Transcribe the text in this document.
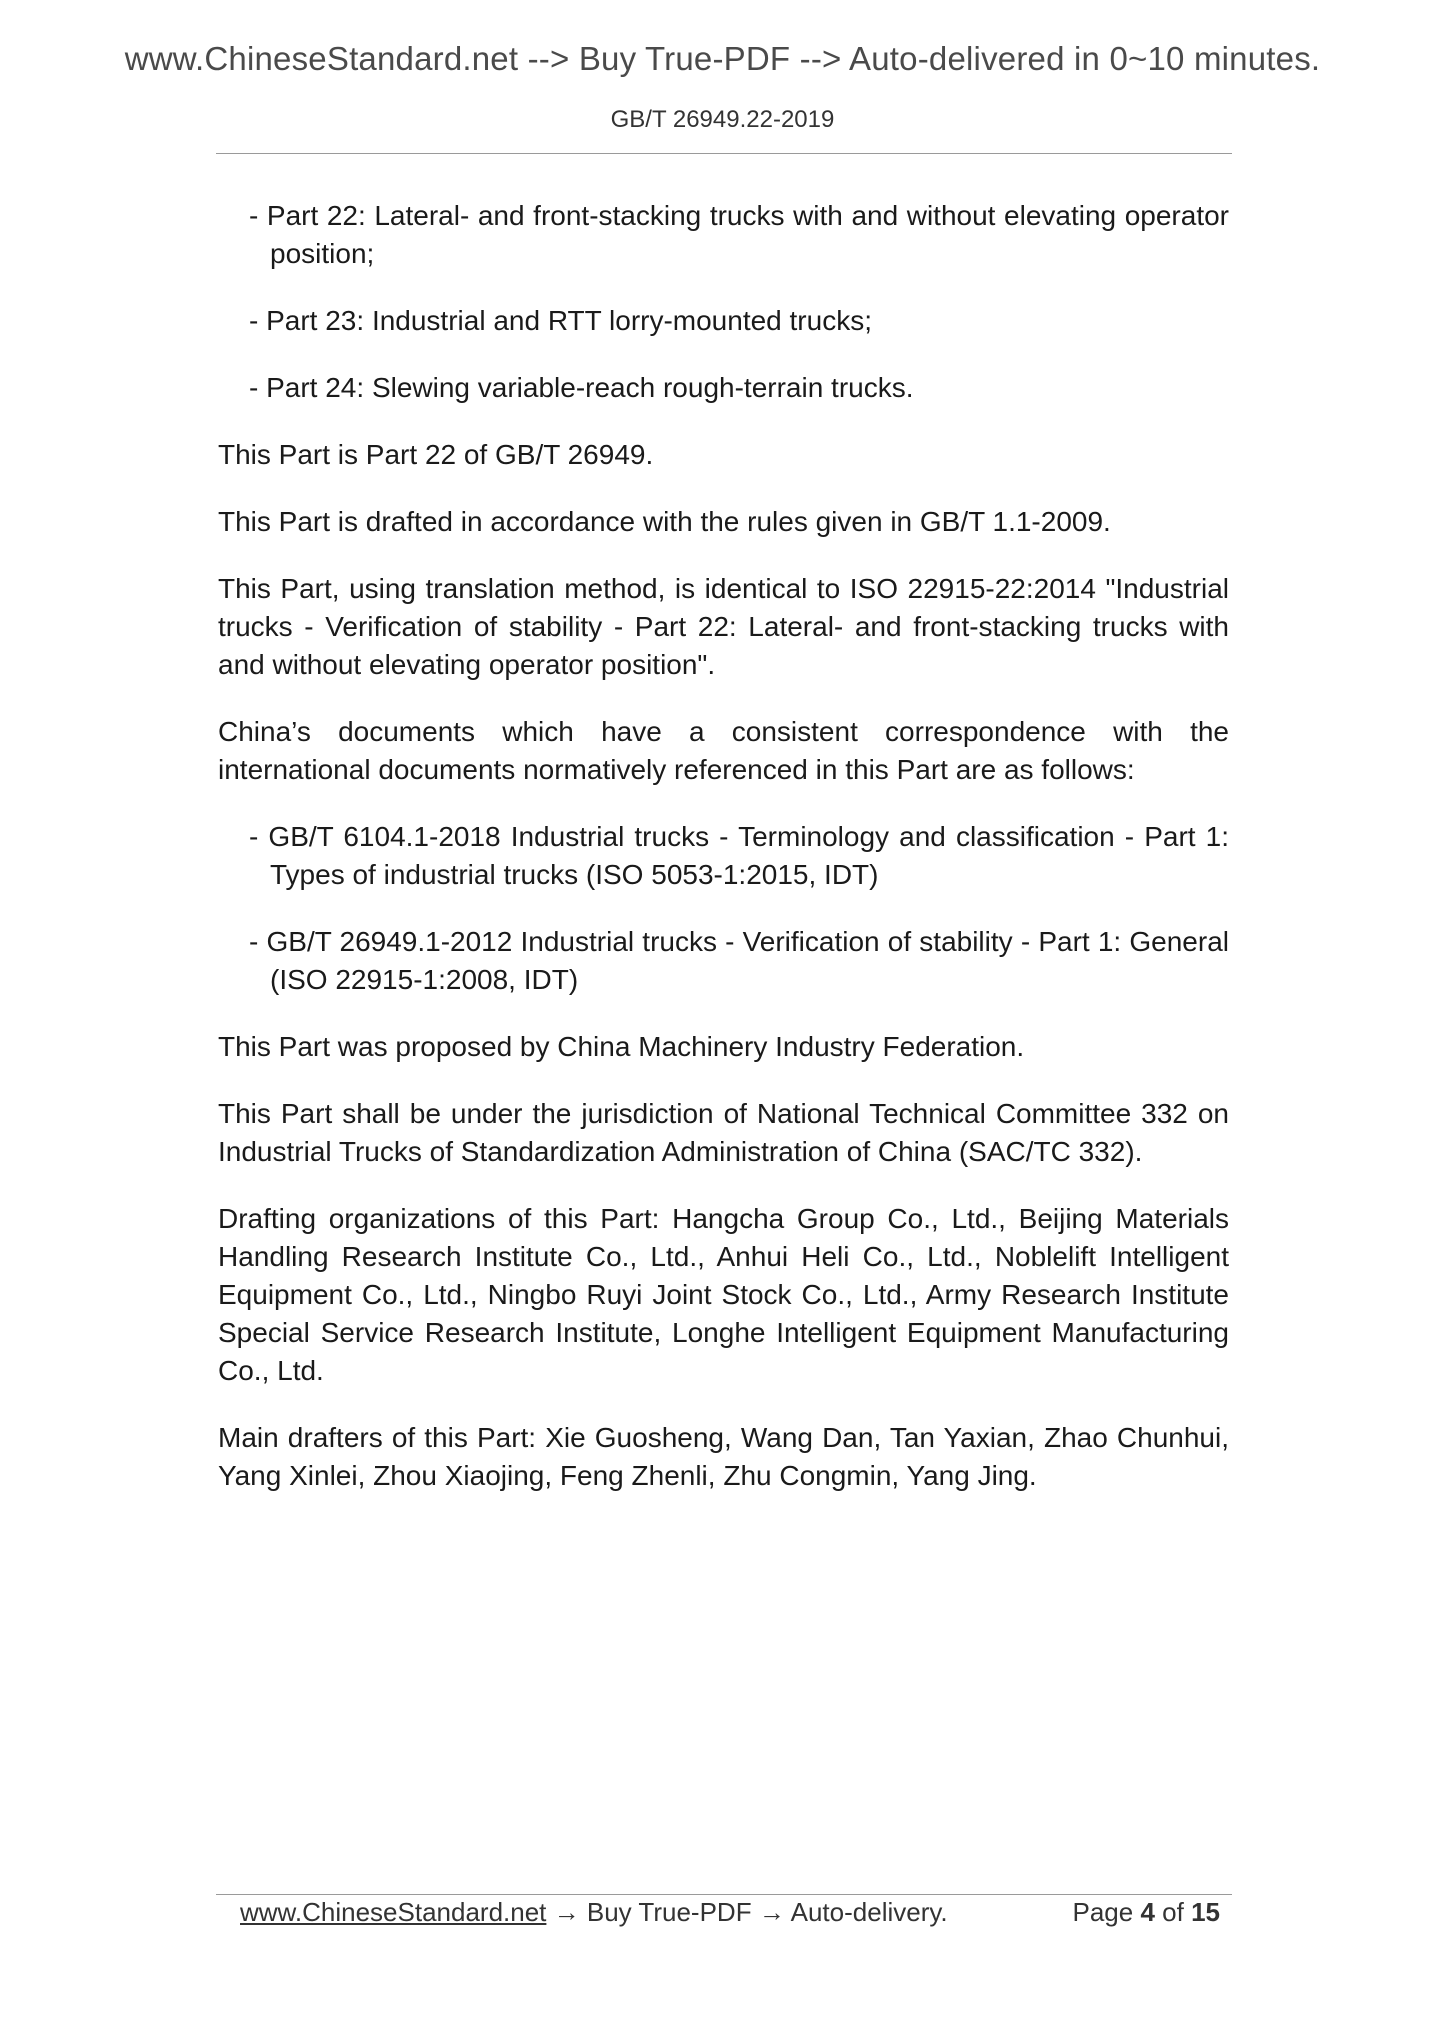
www.ChineseStandard.net --> Buy True-PDF --> Auto-delivered in 0~10 minutes.
GB/T 26949.22-2019

- Part 22: Lateral- and front-stacking trucks with and without elevating operator position;

- Part 23: Industrial and RTT lorry-mounted trucks;

- Part 24: Slewing variable-reach rough-terrain trucks.

This Part is Part 22 of GB/T 26949.

This Part is drafted in accordance with the rules given in GB/T 1.1-2009.

This Part, using translation method, is identical to ISO 22915-22:2014 "Industrial trucks - Verification of stability - Part 22: Lateral- and front-stacking trucks with and without elevating operator position".

China’s documents which have a consistent correspondence with the international documents normatively referenced in this Part are as follows:

- GB/T 6104.1-2018 Industrial trucks - Terminology and classification - Part 1: Types of industrial trucks (ISO 5053-1:2015, IDT)

- GB/T 26949.1-2012 Industrial trucks - Verification of stability - Part 1: General (ISO 22915-1:2008, IDT)

This Part was proposed by China Machinery Industry Federation.

This Part shall be under the jurisdiction of National Technical Committee 332 on Industrial Trucks of Standardization Administration of China (SAC/TC 332).

Drafting organizations of this Part: Hangcha Group Co., Ltd., Beijing Materials Handling Research Institute Co., Ltd., Anhui Heli Co., Ltd., Noblelift Intelligent Equipment Co., Ltd., Ningbo Ruyi Joint Stock Co., Ltd., Army Research Institute Special Service Research Institute, Longhe Intelligent Equipment Manufacturing Co., Ltd.

Main drafters of this Part: Xie Guosheng, Wang Dan, Tan Yaxian, Zhao Chunhui, Yang Xinlei, Zhou Xiaojing, Feng Zhenli, Zhu Congmin, Yang Jing.

www.ChineseStandard.net → Buy True-PDF → Auto-delivery.	Page 4 of 15
